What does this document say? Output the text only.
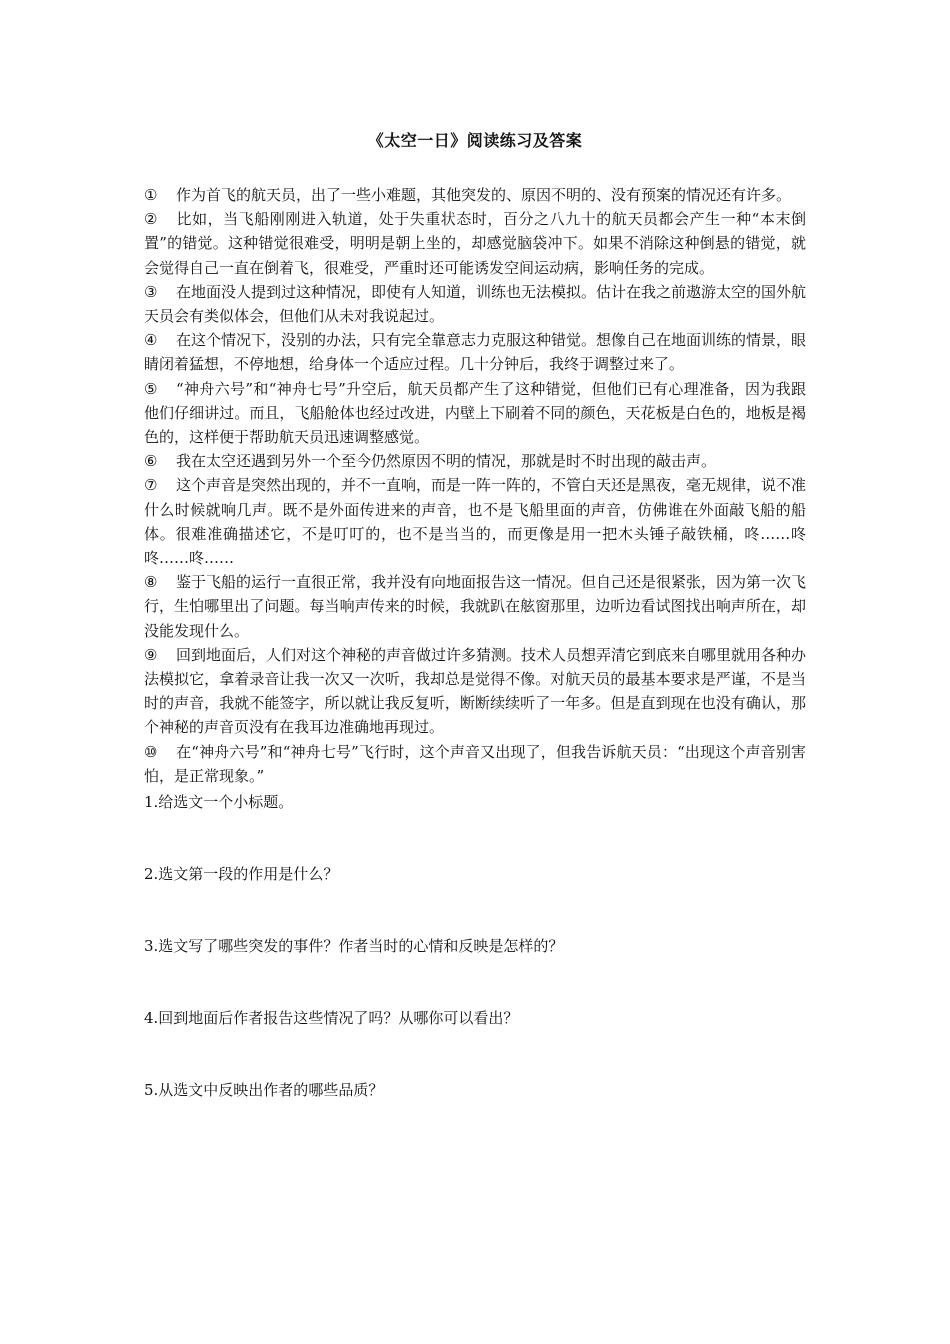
《太空一日》阅读练习及答案

① 作为首飞的航天员，出了一些小难题，其他突发的、原因不明的、没有预案的情况还有许多。

② 比如，当飞船刚刚进入轨道，处于失重状态时，百分之八九十的航天员都会产生一种“本末倒置”的错觉。这种错觉很难受，明明是朝上坐的，却感觉脑袋冲下。如果不消除这种倒悬的错觉，就会觉得自己一直在倒着飞，很难受，严重时还可能诱发空间运动病，影响任务的完成。

③ 在地面没人提到过这种情况，即使有人知道，训练也无法模拟。估计在我之前遨游太空的国外航天员会有类似体会，但他们从未对我说起过。

④ 在这个情况下，没别的办法，只有完全靠意志力克服这种错觉。想像自己在地面训练的情景，眼睛闭着猛想，不停地想，给身体一个适应过程。几十分钟后，我终于调整过来了。

⑤ “神舟六号”和“神舟七号”升空后，航天员都产生了这种错觉，但他们已有心理准备，因为我跟他们仔细讲过。而且，飞船舱体也经过改进，内壁上下刷着不同的颜色，天花板是白色的，地板是褐色的，这样便于帮助航天员迅速调整感觉。

⑥ 我在太空还遇到另外一个至今仍然原因不明的情况，那就是时不时出现的敲击声。

⑦ 这个声音是突然出现的，并不一直响，而是一阵一阵的，不管白天还是黑夜，毫无规律，说不准什么时候就响几声。既不是外面传进来的声音，也不是飞船里面的声音，仿佛谁在外面敲飞船的船体。很难准确描述它，不是叮叮的，也不是当当的，而更像是用一把木头锤子敲铁桶，咚……咚咚……咚……

⑧ 鉴于飞船的运行一直很正常，我并没有向地面报告这一情况。但自己还是很紧张，因为第一次飞行，生怕哪里出了问题。每当响声传来的时候，我就趴在舷窗那里，边听边看试图找出响声所在，却没能发现什么。

⑨ 回到地面后，人们对这个神秘的声音做过许多猜测。技术人员想弄清它到底来自哪里就用各种办法模拟它，拿着录音让我一次又一次听，我却总是觉得不像。对航天员的最基本要求是严谨，不是当时的声音，我就不能签字，所以就让我反复听，断断续续听了一年多。但是直到现在也没有确认，那个神秘的声音页没有在我耳边准确地再现过。

⑩ 在“神舟六号”和“神舟七号”飞行时，这个声音又出现了，但我告诉航天员：“出现这个声音别害怕，是正常现象。”

1.给选文一个小标题。

2.选文第一段的作用是什么？

3.选文写了哪些突发的事件？作者当时的心情和反映是怎样的？

4.回到地面后作者报告这些情况了吗？从哪你可以看出？

5.从选文中反映出作者的哪些品质？
